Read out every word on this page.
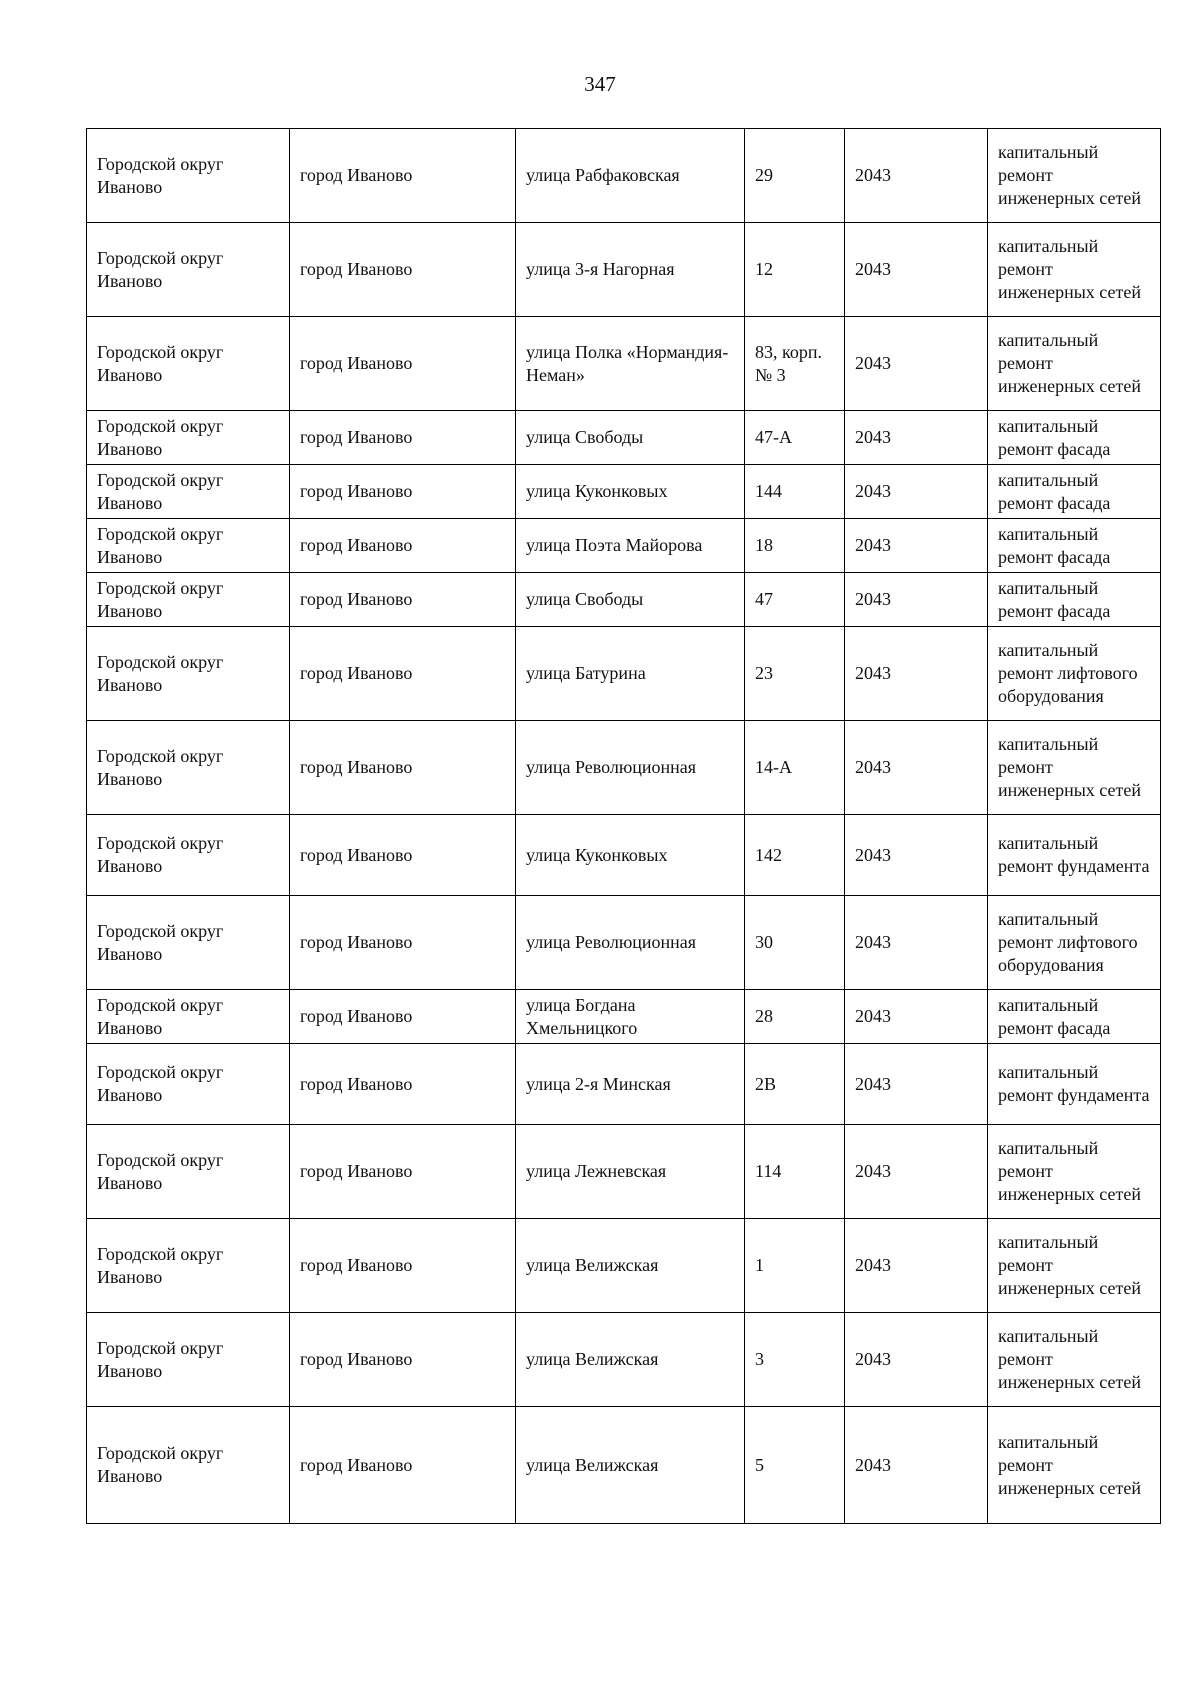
347
Городской округ Иваново	город Иваново	улица Рабфаковская	29	2043	капитальный ремонт инженерных сетей
Городской округ Иваново	город Иваново	улица 3-я Нагорная	12	2043	капитальный ремонт инженерных сетей
Городской округ Иваново	город Иваново	улица Полка «Нормандия-Неман»	83, корп. № 3	2043	капитальный ремонт инженерных сетей
Городской округ Иваново	город Иваново	улица Свободы	47-А	2043	капитальный ремонт фасада
Городской округ Иваново	город Иваново	улица Куконковых	144	2043	капитальный ремонт фасада
Городской округ Иваново	город Иваново	улица Поэта Майорова	18	2043	капитальный ремонт фасада
Городской округ Иваново	город Иваново	улица Свободы	47	2043	капитальный ремонт фасада
Городской округ Иваново	город Иваново	улица Батурина	23	2043	капитальный ремонт лифтового оборудования
Городской округ Иваново	город Иваново	улица Революционная	14-А	2043	капитальный ремонт инженерных сетей
Городской округ Иваново	город Иваново	улица Куконковых	142	2043	капитальный ремонт фундамента
Городской округ Иваново	город Иваново	улица Революционная	30	2043	капитальный ремонт лифтового оборудования
Городской округ Иваново	город Иваново	улица Богдана Хмельницкого	28	2043	капитальный ремонт фасада
Городской округ Иваново	город Иваново	улица 2-я Минская	2В	2043	капитальный ремонт фундамента
Городской округ Иваново	город Иваново	улица Лежневская	114	2043	капитальный ремонт инженерных сетей
Городской округ Иваново	город Иваново	улица Велижская	1	2043	капитальный ремонт инженерных сетей
Городской округ Иваново	город Иваново	улица Велижская	3	2043	капитальный ремонт инженерных сетей
Городской округ Иваново	город Иваново	улица Велижская	5	2043	капитальный ремонт инженерных сетей
